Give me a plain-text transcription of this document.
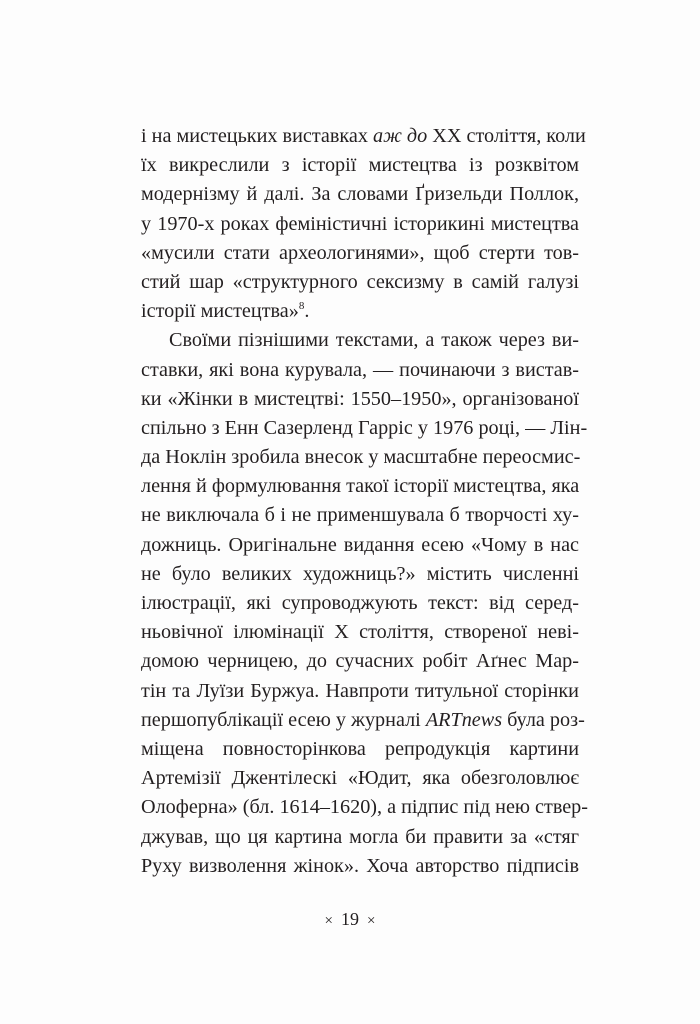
і на мистецьких виставках аж до XX століття, коли
їх викреслили з історії мистецтва із розквітом
модернізму й далі. За словами Ґризельди Поллок,
у 1970-х роках феміністичні історикині мистецтва
«мусили стати археологинями», щоб стерти тов-
стий шар «структурного сексизму в самій галузі
історії мистецтва»$^8$.
Своїми пізнішими текстами, а також через ви-
ставки, які вона курувала, — починаючи з вистав-
ки «Жінки в мистецтві: 1550–1950», організованої
спільно з Енн Сазерленд Гарріс у 1976 році, — Лін-
да Ноклін зробила внесок у масштабне переосмис-
лення й формулювання такої історії мистецтва, яка
не виключала б і не применшувала б творчості ху-
дожниць. Оригінальне видання есею «Чому в нас
не було великих художниць?» містить численні
ілюстрації, які супроводжують текст: від серед-
ньовічної ілюмінації X століття, створеної неві-
домою черницею, до сучасних робіт Аґнес Мар-
тін та Луїзи Буржуа. Навпроти титульної сторінки
першопублікації есею у журналі ARTnews була роз-
міщена повносторінкова репродукція картини
Артемізії Джентілескі «Юдит, яка обезголовлює
Олоферна» (бл. 1614–1620), а підпис під нею ствер-
джував, що ця картина могла би правити за «стяг
Руху визволення жінок». Хоча авторство підписів
× 19 ×
